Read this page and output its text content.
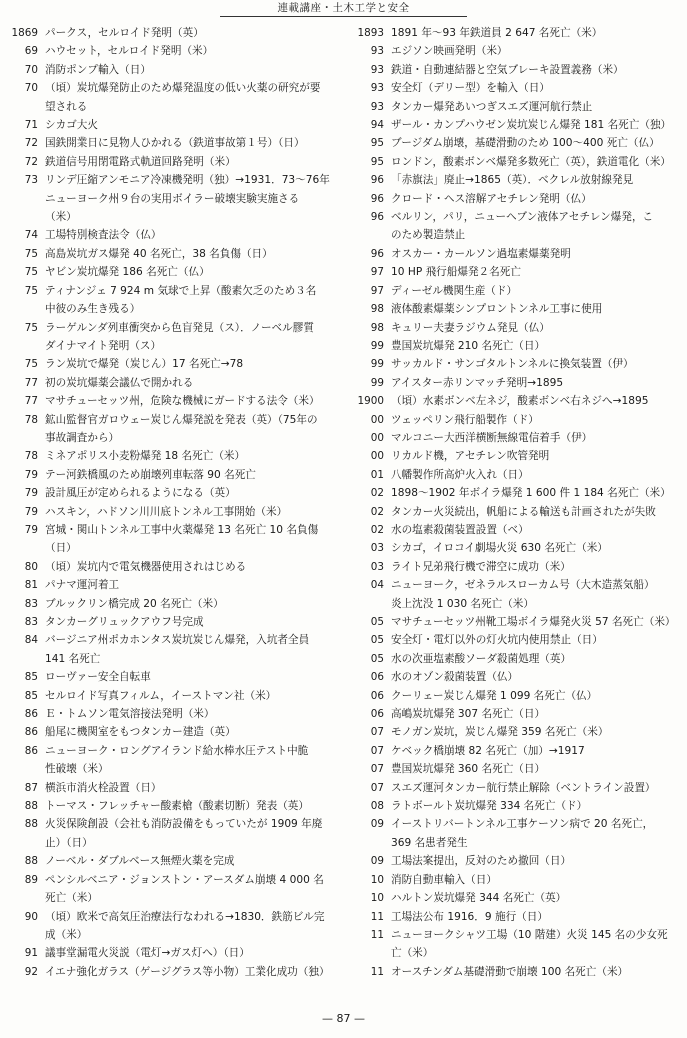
連載講座・土木工学と安全
1869 パークス，セルロイド発明（英）
69 ハウセット，セルロイド発明（米）
70 消防ポンプ輸入（日）
70 （頃）炭坑爆発防止のため爆発温度の低い火薬の研究が要
望される
71 シカゴ大火
72 国鉄開業日に見物人ひかれる（鉄道事故第１号）（日）
72 鉄道信号用閉電路式軌道回路発明（米）
73 リンデ圧縮アンモニア冷凍機発明（独）→1931．73～76年
ニューヨーク州９台の実用ボイラー破壊実験実施さる
（米）
74 工場特別検査法令（仏）
75 高島炭坑ガス爆発 40 名死亡，38 名負傷（日）
75 ヤビン炭坑爆発 186 名死亡（仏）
75 ティナンジェ 7 924 m 気球で上昇（酸素欠乏のため３名
中彼のみ生き残る）
75 ラーゲルンダ列車衝突から色盲発見（ス）．ノーベル膠質
ダイナマイト発明（ス）
75 ラン炭坑で爆発（炭じん）17 名死亡→78
77 初の炭坑爆薬会議仏で開かれる
77 マサチューセッツ州，危険な機械にガードする法令（米）
78 鉱山監督官ガロウェー炭じん爆発説を発表（英）（75年の
事故調査から）
78 ミネアポリス小麦粉爆発 18 名死亡（米）
79 テー河鉄橋風のため崩壊列車転落 90 名死亡
79 設計風圧が定められるようになる（英）
79 ハスキン，ハドソン川川底トンネル工事開始（米）
79 宮城・関山トンネル工事中火薬爆発 13 名死亡 10 名負傷
（日）
80 （頃）炭坑内で電気機器使用されはじめる
81 パナマ運河着工
83 ブルックリン橋完成 20 名死亡（米）
83 タンカーグリュックアウフ号完成
84 バージニア州ポカホンタス炭坑炭じん爆発，入坑者全員
141 名死亡
85 ローヴァー安全自転車
85 セルロイド写真フィルム，イーストマン社（米）
86 Ｅ・トムソン電気溶接法発明（米）
86 船尾に機関室をもつタンカー建造（英）
86 ニューヨーク・ロングアイランド給水棒水圧テスト中脆
性破壊（米）
87 横浜市消火栓設置（日）
88 トーマス・フレッチャー酸素槍（酸素切断）発表（英）
88 火災保険創設（会社も消防設備をもっていたが 1909 年廃
止）（日）
88 ノーベル・ダブルベース無煙火薬を完成
89 ペンシルベニア・ジョンストン・アースダム崩壊 4 000 名
死亡（米）
90 （頃）欧米で高気圧治療法行なわれる→1830．鉄筋ビル完
成（米）
91 議事堂漏電火災説（電灯→ガス灯へ）（日）
92 イエナ強化ガラス（ゲージグラス等小物）工業化成功（独）
1893 1891 年～93 年鉄道員 2 647 名死亡（米）
93 エジソン映画発明（米）
93 鉄道・自動連結器と空気ブレーキ設置義務（米）
93 安全灯（デリー型）を輸入（日）
93 タンカー爆発あいつぎスエズ運河航行禁止
94 ザール・カンプハウゼン炭坑炭じん爆発 181 名死亡（独）
95 ブージダム崩壊，基礎滑動のため 100～400 死亡（仏）
95 ロンドン，酸素ボンベ爆発多数死亡（英），鉄道電化（米）
96 「赤旗法」廃止→1865（英）．ベクレル放射線発見
96 クロード・ヘス溶解アセチレン発明（仏）
96 ベルリン，パリ，ニューヘブン液体アセチレン爆発，こ
のため製造禁止
96 オスカー・カールソン過塩素爆薬発明
97 10 HP 飛行船爆発２名死亡
97 ディーゼル機関生産（ド）
98 液体酸素爆薬シンプロントンネル工事に使用
98 キュリー夫妻ラジウム発見（仏）
99 豊国炭坑爆発 210 名死亡（日）
99 サッカルド・サンゴタルトンネルに換気装置（伊）
99 アイスター赤リンマッチ発明→1895
1900 （頃）水素ボンベ左ネジ，酸素ボンベ右ネジへ→1895
00 ツェッペリン飛行船製作（ド）
00 マルコニー大西洋横断無線電信着手（伊）
00 リカルド機，アセチレン吹管発明
01 八幡製作所高炉火入れ（日）
02 1898～1902 年ボイラ爆発 1 600 件 1 184 名死亡（米）
02 タンカー火災続出，帆船による輸送も計画されたが失敗
02 水の塩素殺菌装置設置（ベ）
03 シカゴ，イロコイ劇場火災 630 名死亡（米）
03 ライト兄弟飛行機で滞空に成功（米）
04 ニューヨーク，ゼネラルスローカム号（大木造蒸気船）
炎上沈没 1 030 名死亡（米）
05 マサチューセッツ州靴工場ボイラ爆発火災 57 名死亡（米）
05 安全灯・電灯以外の灯火坑内使用禁止（日）
05 水の次亜塩素酸ソーダ殺菌処理（英）
06 水のオゾン殺菌装置（仏）
06 クーリェー炭じん爆発 1 099 名死亡（仏）
06 高嶋炭坑爆発 307 名死亡（日）
07 モノガン炭坑，炭じん爆発 359 名死亡（米）
07 ケベック橋崩壊 82 名死亡（加）→1917
07 豊国炭坑爆発 360 名死亡（日）
07 スエズ運河タンカー航行禁止解除（ベントライン設置）
08 ラトボールト炭坑爆発 334 名死亡（ド）
09 イーストリバートンネル工事ケーソン病で 20 名死亡，
369 名患者発生
09 工場法案提出，反対のため撤回（日）
10 消防自動車輸入（日）
10 ハルトン炭坑爆発 344 名死亡（英）
11 工場法公布 1916．9 施行（日）
11 ニューヨークシャツ工場（10 階建）火災 145 名の少女死
亡（米）
11 オースチンダム基礎滑動で崩壊 100 名死亡（米）
— 87 —
